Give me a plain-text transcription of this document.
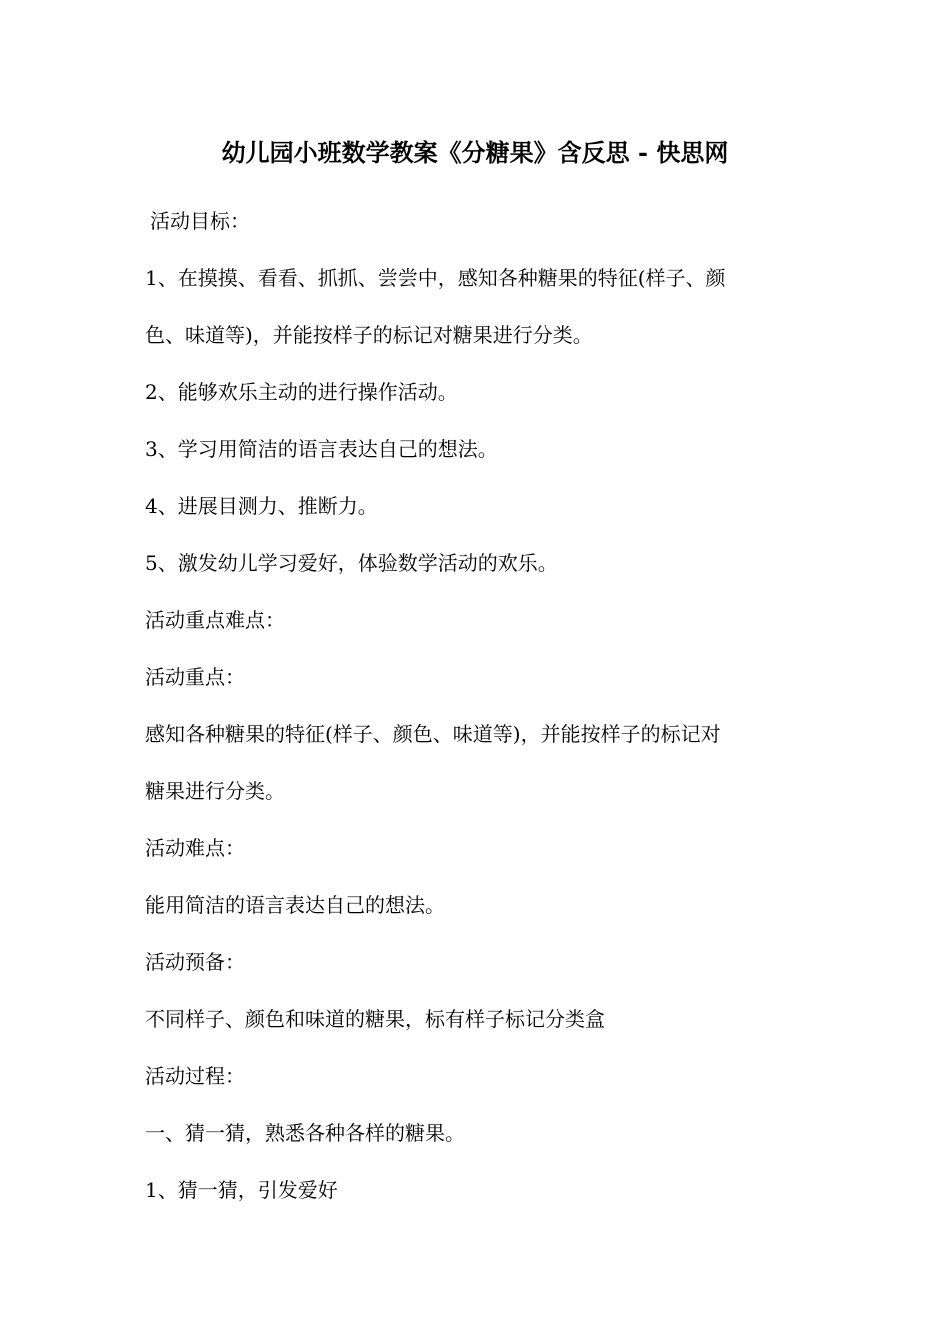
幼儿园小班数学教案《分糖果》含反思 - 快思网
活动目标：
1、在摸摸、看看、抓抓、尝尝中，感知各种糖果的特征(样子、颜
色、味道等)，并能按样子的标记对糖果进行分类。
2、能够欢乐主动的进行操作活动。
3、学习用简洁的语言表达自己的想法。
4、进展目测力、推断力。
5、激发幼儿学习爱好，体验数学活动的欢乐。
活动重点难点：
活动重点：
感知各种糖果的特征(样子、颜色、味道等)，并能按样子的标记对
糖果进行分类。
活动难点：
能用简洁的语言表达自己的想法。
活动预备：
不同样子、颜色和味道的糖果，标有样子标记分类盒
活动过程：
一、猜一猜，熟悉各种各样的糖果。
1、猜一猜，引发爱好
